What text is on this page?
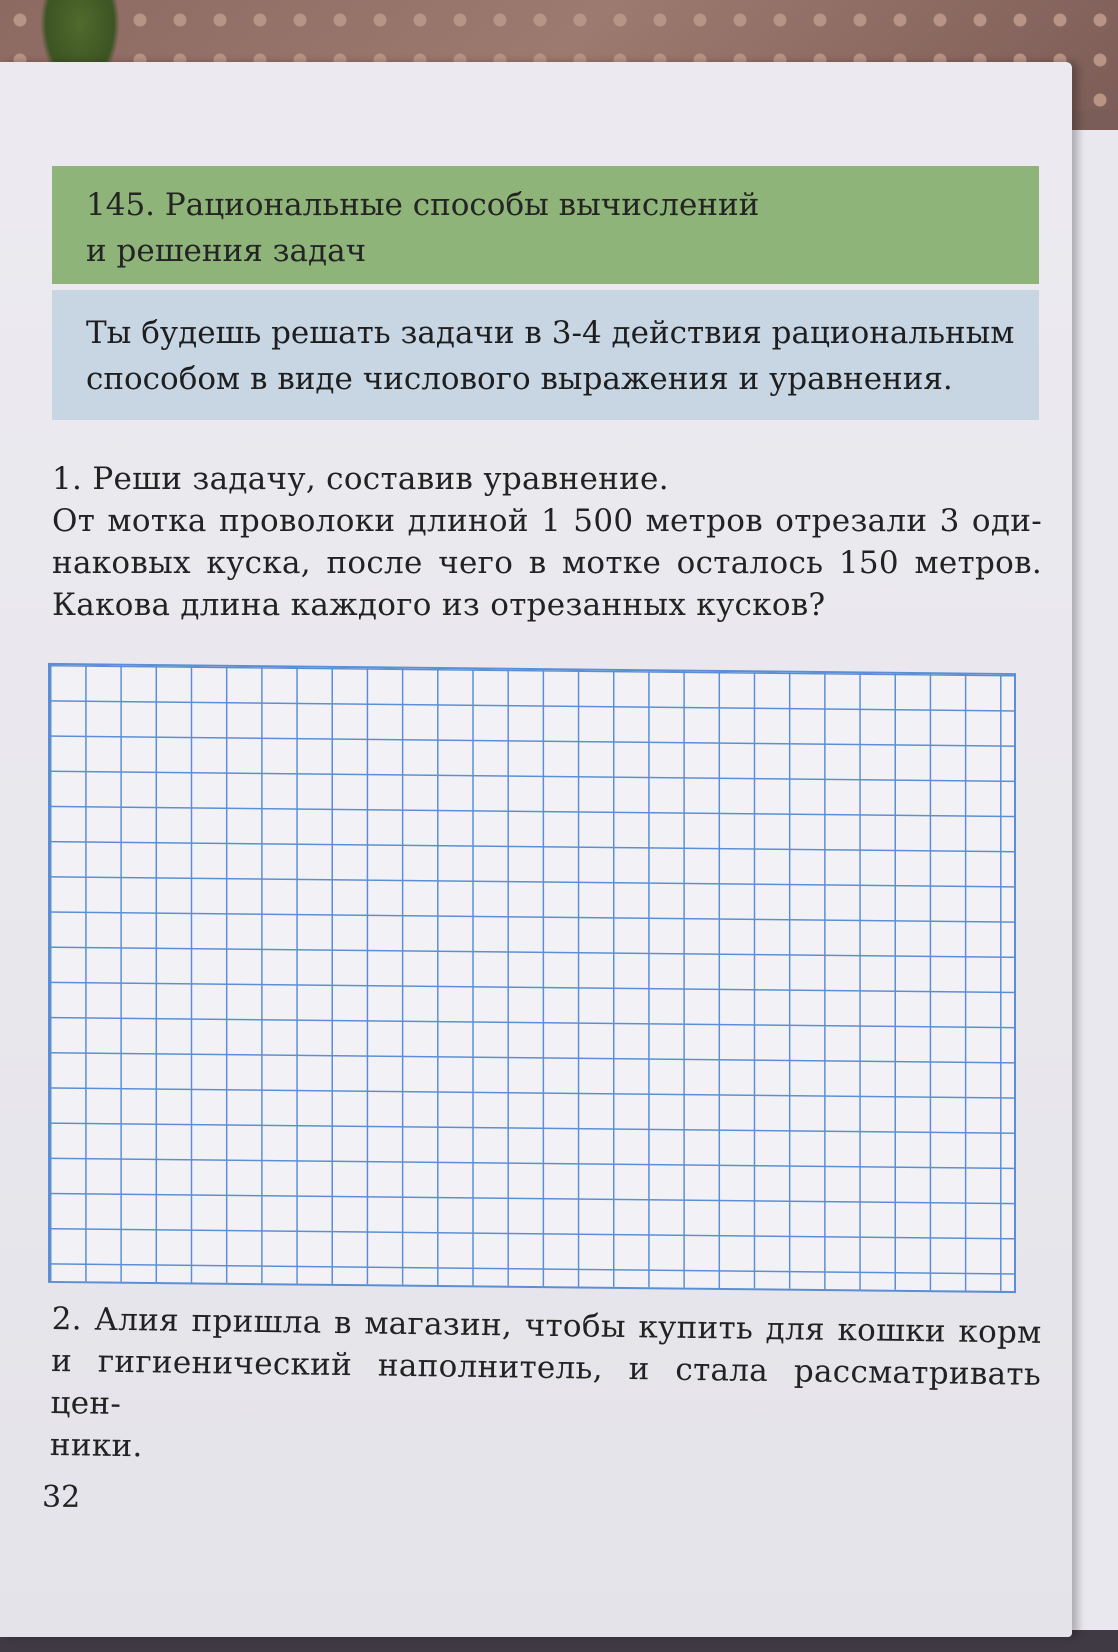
145. Рациональные способы вычислений

и решения задач

Ты будешь решать задачи в 3-4 действия рациональным

способом в виде числового выражения и уравнения.

1. Реши задачу, составив уравнение.

От мотка проволоки длиной 1 500 метров отрезали 3 оди-

наковых куска, после чего в мотке осталось 150 метров.

Какова длина каждого из отрезанных кусков?

2. Алия пришла в магазин, чтобы купить для кошки корм

и гигиенический наполнитель, и стала рассматривать цен-

ники.

32
